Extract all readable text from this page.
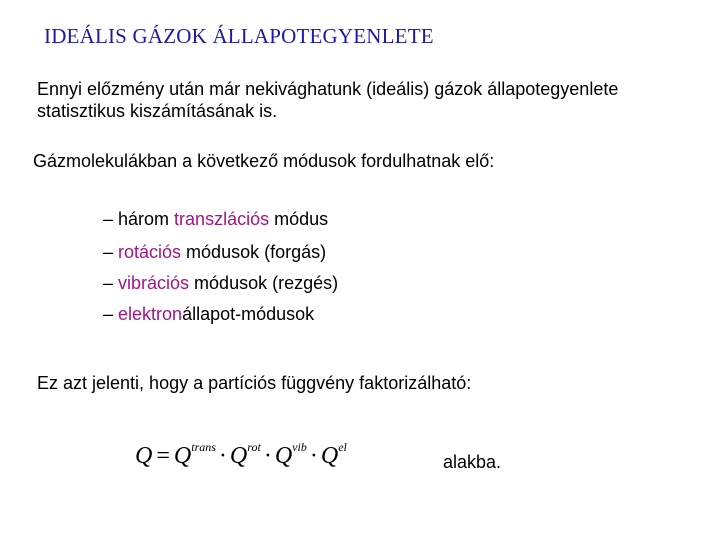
IDEÁLIS GÁZOK ÁLLAPOTEGYENLETE
Ennyi előzmény után már nekivághatunk (ideális) gázok állapotegyenlete
statisztikus kiszámításának is.
Gázmolekulákban a következő módusok fordulhatnak elő:
– három transzlációs módus
– rotációs módusok (forgás)
– vibrációs módusok (rezgés)
– elektronállapot-módusok
Ez azt jelenti, hogy a partíciós függvény faktorizálható:
$Q = Q^{trans} \cdot Q^{rot} \cdot Q^{vib} \cdot Q^{el}$
alakba.
